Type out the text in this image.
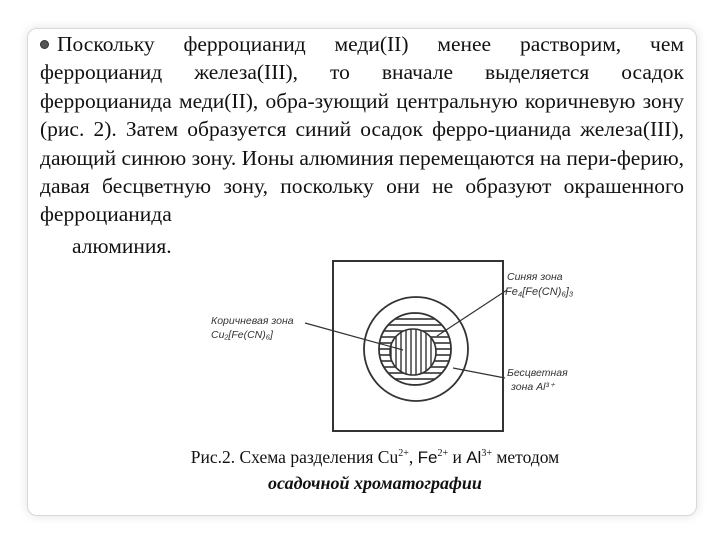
Поскольку ферроцианид меди(II) менее растворим, чем ферроцианид железа(III), то вначале выделяется осадок ферроцианида меди(II), обра-зующий центральную коричневую зону (рис. 2). Затем образуется синий осадок ферро-цианида железа(III), дающий синюю зону. Ионы алюминия перемещаются на пери-ферию, давая бесцветную зону, поскольку они не образуют окрашенного ферроцианида

алюминия.
Коричневая зона
Cu₂[Fe(CN)₆]
Синяя зона
Fe₄[Fe(CN)₆]₃
Бесцветная
зона Al³⁺
Рис.2. Схема разделения $Cu^{2+}$, $Fe^{2+}$ и $Al^{3+}$ методом
осадочной хроматографии
